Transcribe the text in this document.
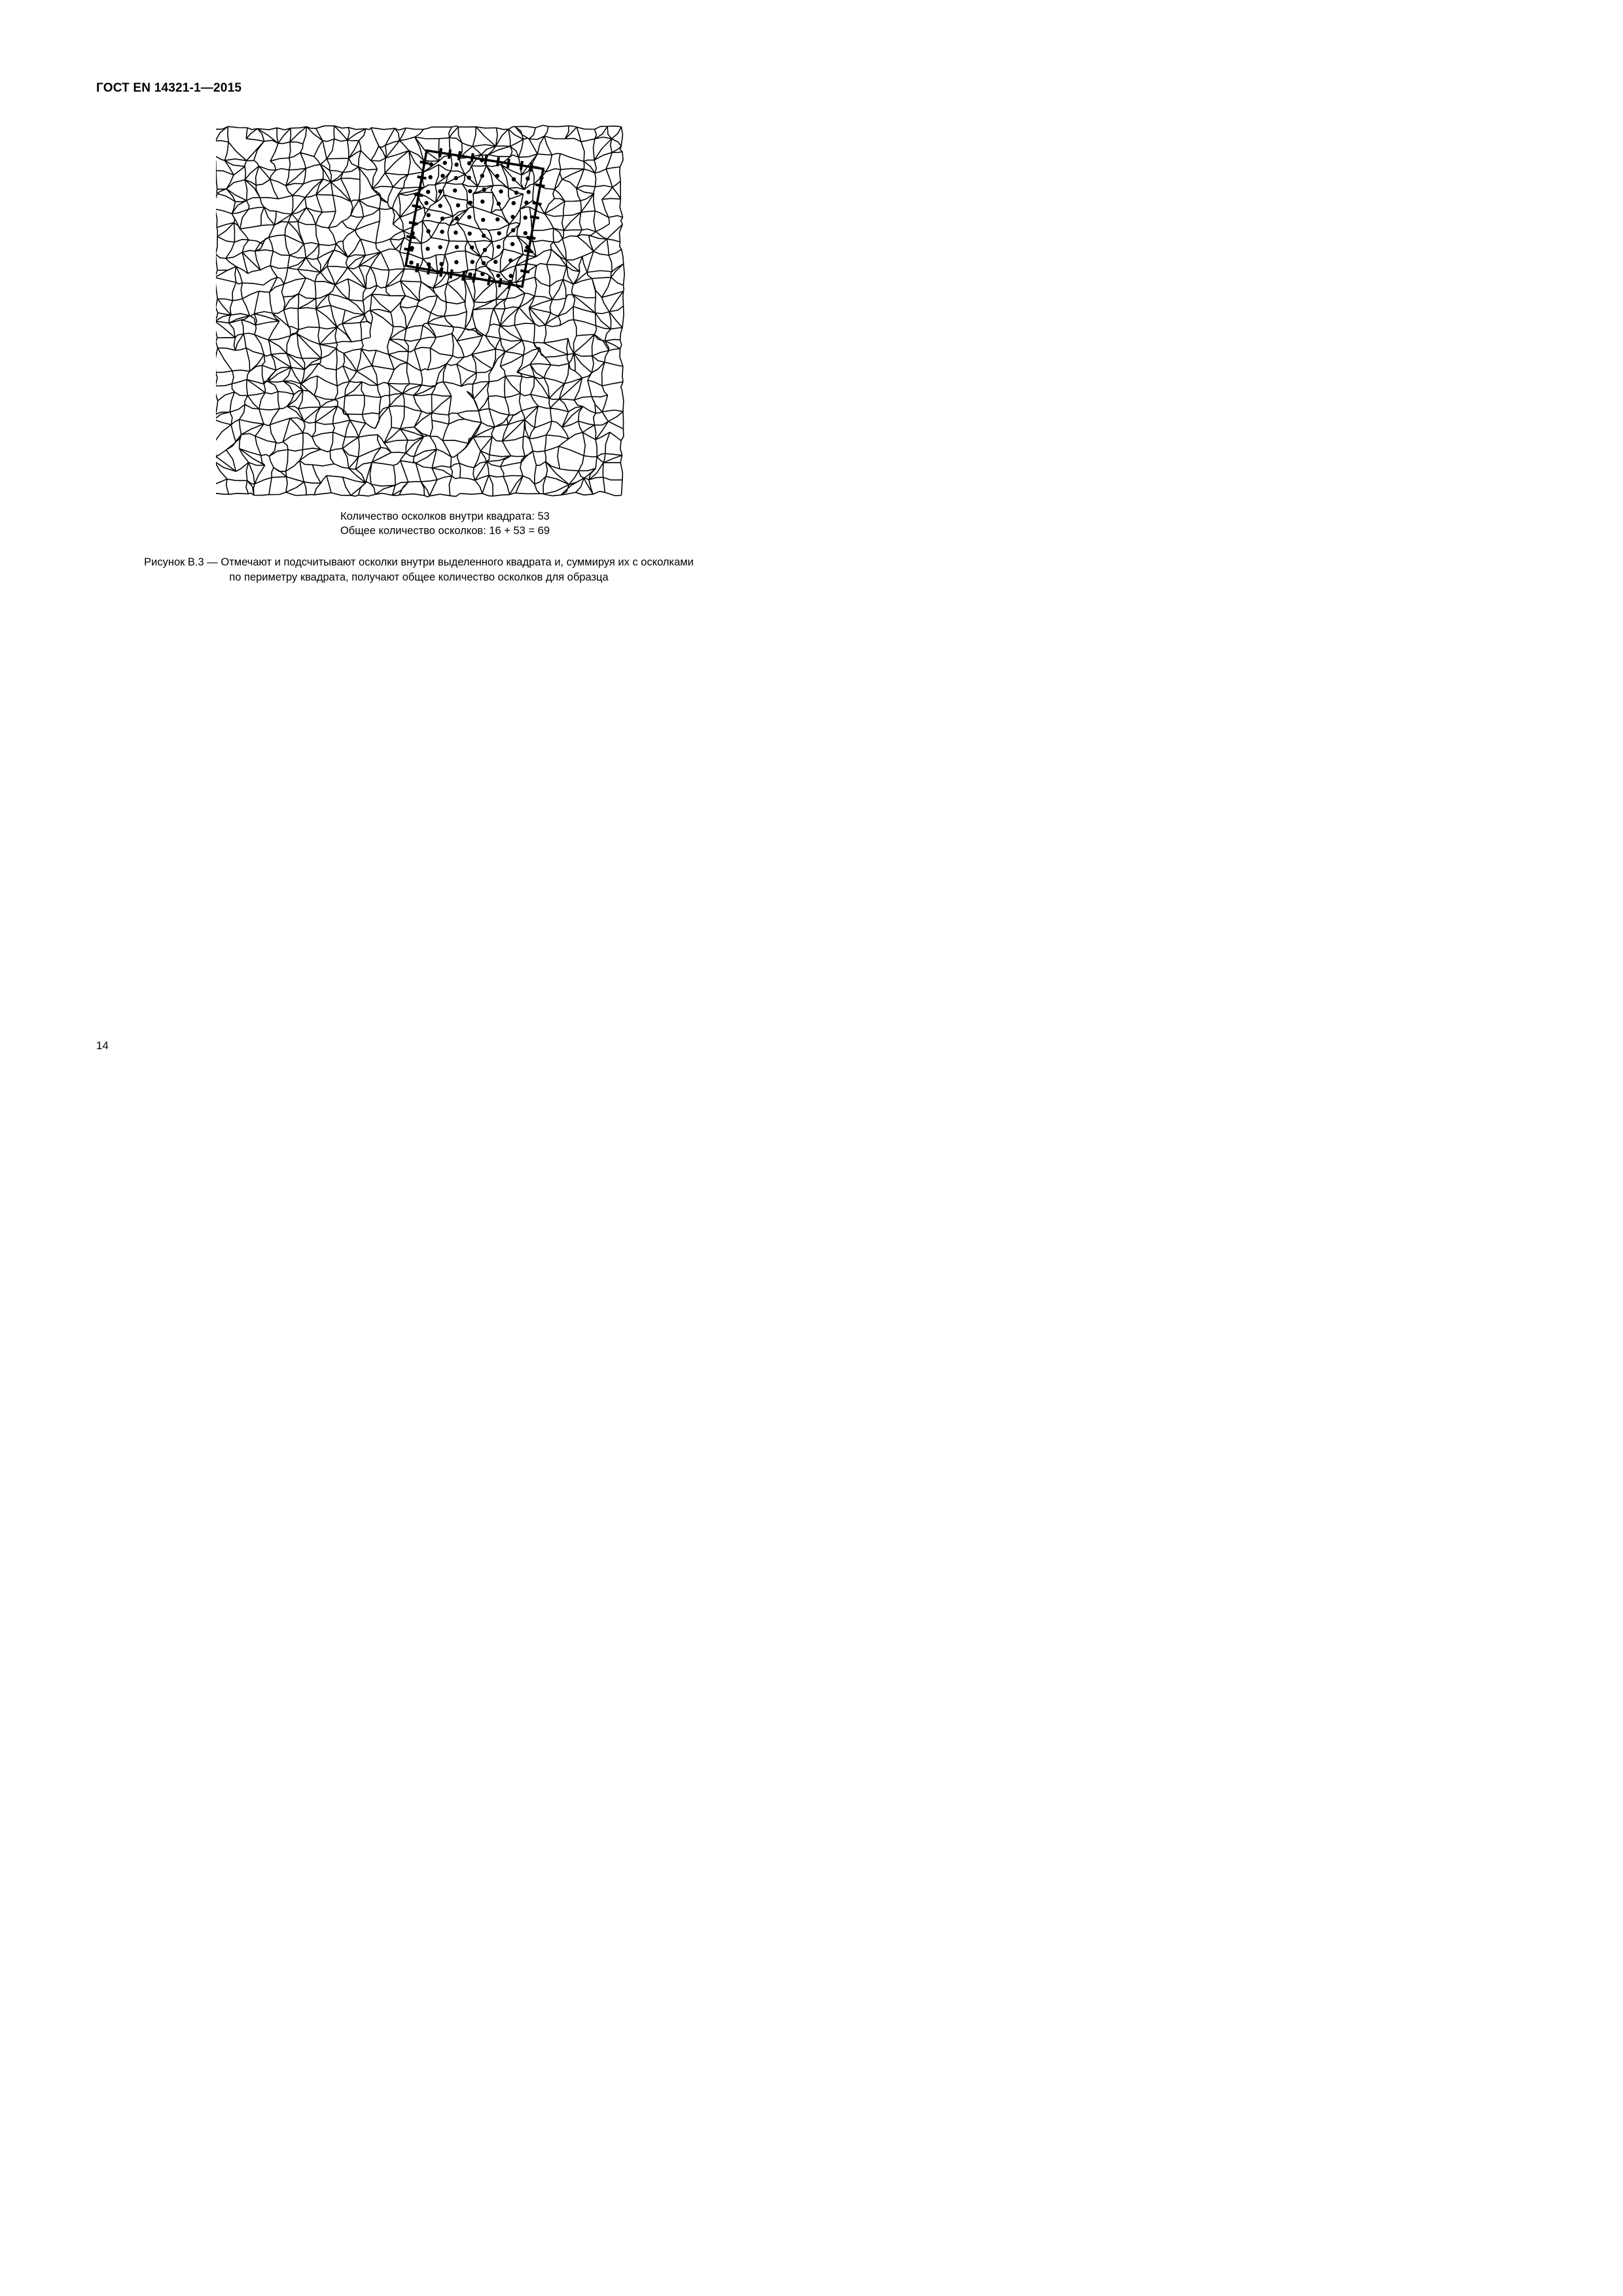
ГОСТ EN 14321-1—2015
Количество осколков внутри квадрата: 53
Общее количество осколков: 16 + 53 = 69
Рисунок В.3 — Отмечают и подсчитывают осколки внутри выделенного квадрата и, суммируя их с осколками
по периметру квадрата, получают общее количество осколков для образца
14
